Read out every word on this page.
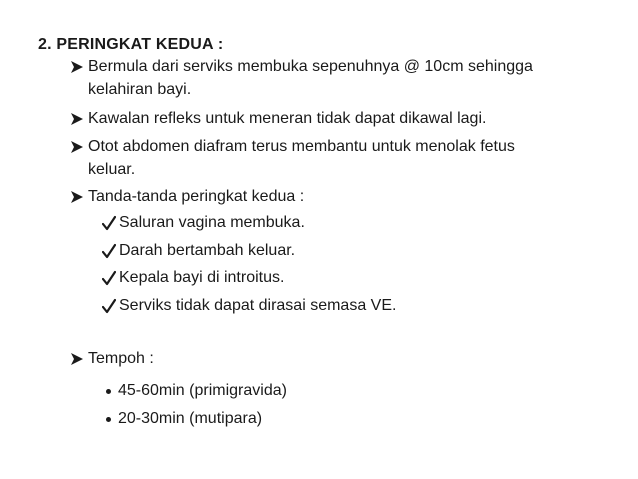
2. PERINGKAT KEDUA :
Bermula dari serviks membuka sepenuhnya @ 10cm sehingga
kelahiran bayi.
Kawalan refleks untuk meneran tidak dapat dikawal lagi.
Otot abdomen diafram terus membantu untuk menolak fetus
keluar.
Tanda-tanda peringkat kedua :
Saluran vagina membuka.
Darah bertambah keluar.
Kepala bayi di introitus.
Serviks tidak dapat dirasai semasa VE.
Tempoh :
45-60min (primigravida)
20-30min (mutipara)
